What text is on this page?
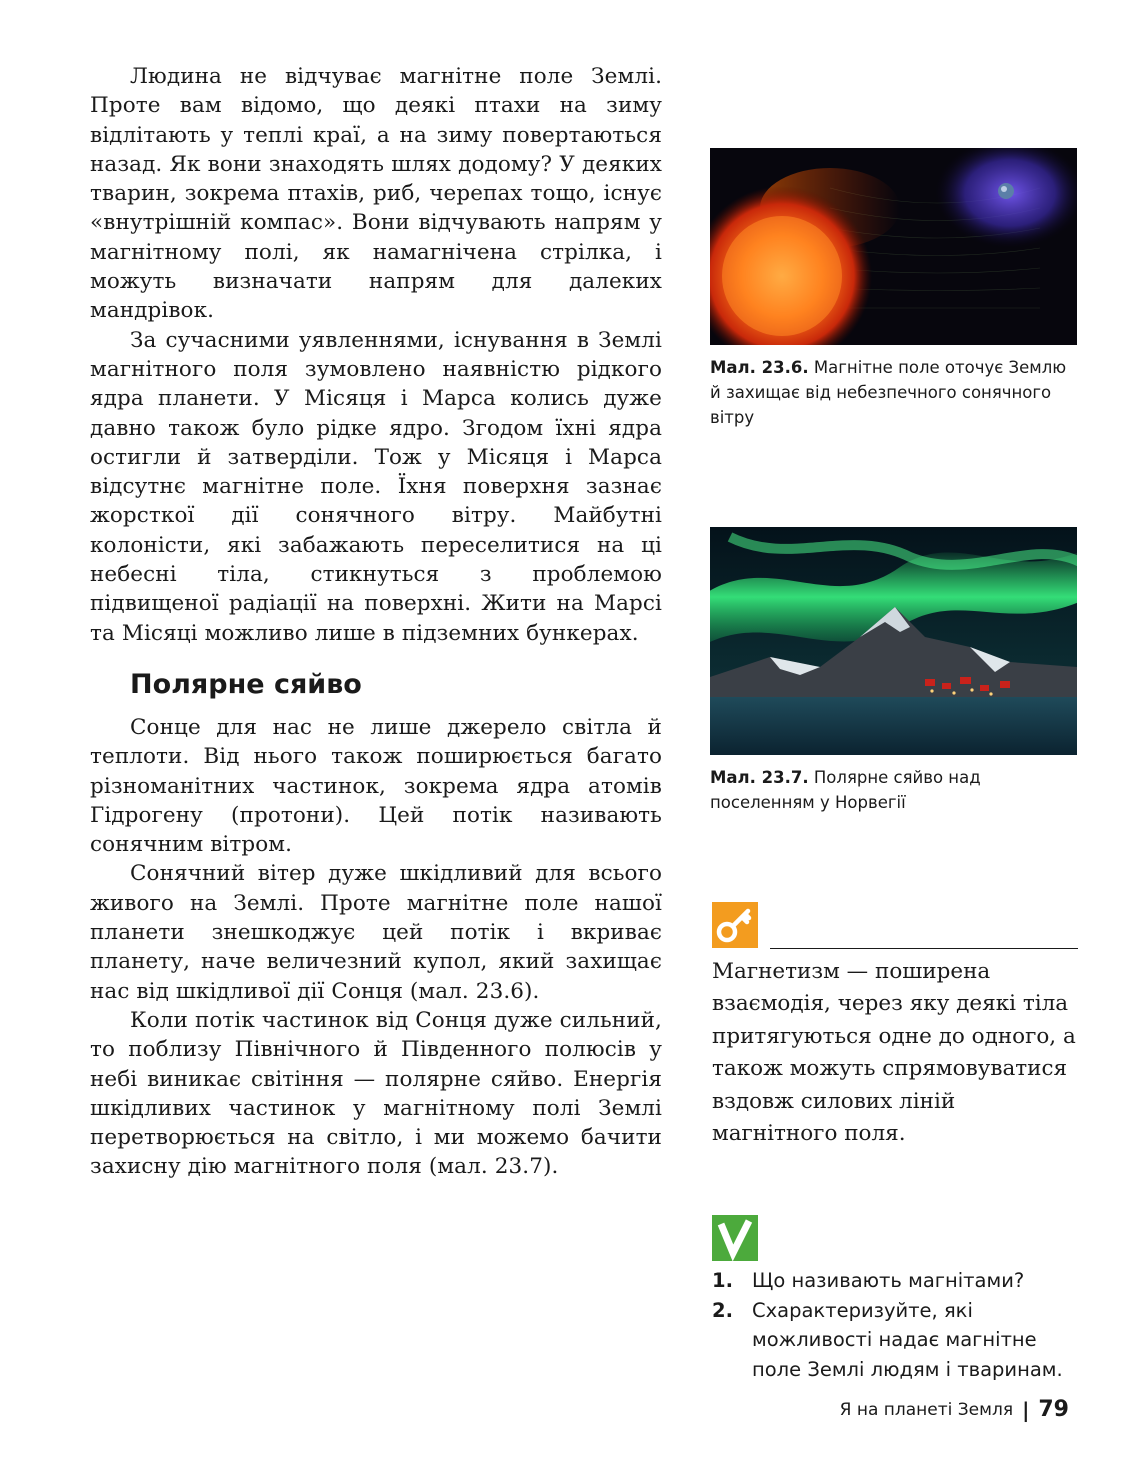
Людина не відчуває магнітне поле Землі. Проте вам відомо, що деякі птахи на зиму відлітають у теплі краї, а на зиму повертаються назад. Як вони знаходять шлях додому? У деяких тварин, зокрема птахів, риб, черепах тощо, існує «внутрішній компас». Вони відчувають напрям у магнітному полі, як намагнічена стрілка, і можуть визначати напрям для далеких мандрівок.

За сучасними уявленнями, існування в Землі магнітного поля зумовлено наявністю рідкого ядра планети. У Місяця і Марса колись дуже давно також було рідке ядро. Згодом їхні ядра остигли й затверділи. Тож у Місяця і Марса відсутнє магнітне поле. Їхня поверхня зазнає жорсткої дії сонячного вітру. Майбутні колоністи, які забажають переселитися на ці небесні тіла, стикнуться з проблемою підвищеної радіації на поверхні. Жити на Марсі та Місяці можливо лише в підземних бункерах.

Полярне сяйво

Сонце для нас не лише джерело світла й теплоти. Від нього також поширюється багато різноманітних частинок, зокрема ядра атомів Гідрогену (протони). Цей потік називають сонячним вітром.

Сонячний вітер дуже шкідливий для всього живого на Землі. Проте магнітне поле нашої планети знешкоджує цей потік і вкриває планету, наче величезний купол, який захищає нас від шкідливої дії Сонця (мал. 23.6).

Коли потік частинок від Сонця дуже сильний, то поблизу Північного й Південного полюсів у небі виникає світіння — полярне сяйво. Енергія шкідливих частинок у магнітному полі Землі перетворюється на світло, і ми можемо бачити захисну дію магнітного поля (мал. 23.7).

Мал. 23.6. Магнітне поле оточує Землю й захищає від небезпечного сонячного вітру
Мал. 23.7. Полярне сяйво над поселенням у Норвегії
Магнетизм — поширена взаємодія, через яку деякі тіла притягуються одне до одного, а також можуть спрямовуватися вздовж силових ліній магнітного поля.
1. Що називають магнітами?
2. Схарактеризуйте, які можливості надає магнітне поле Землі людям і тваринам.
Я на планеті Земля | 79
